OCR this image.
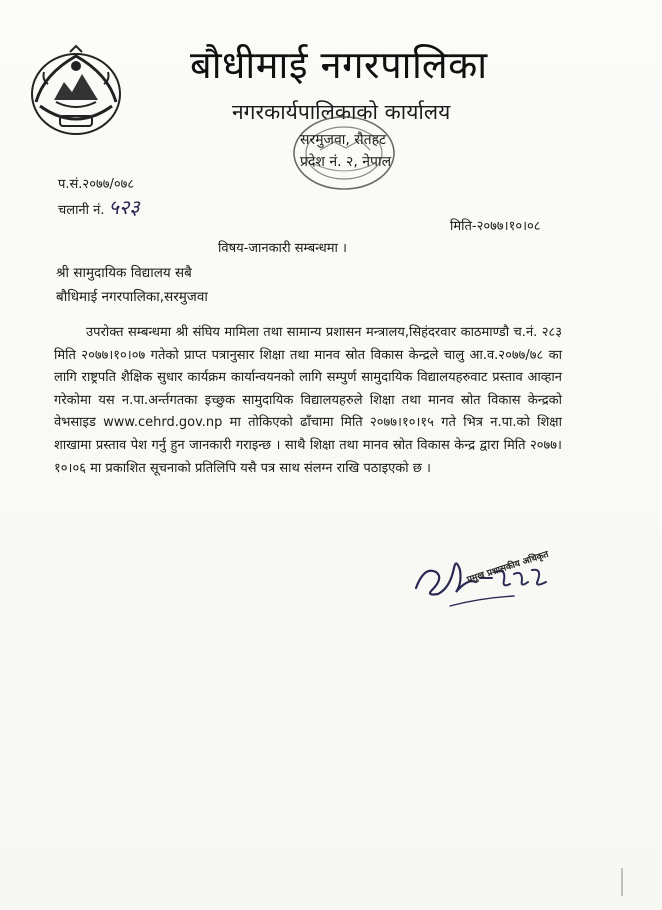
बौधीमाई नगरपालिका
नगरकार्यपालिकाको कार्यालय
सरमुजवा, रौतहट
प्रदेश नं. २, नेपाल
प.सं.२०७७/०७८
चलानी नं. ५२३
मिति-२०७७।१०।०८
विषय-जानकारी सम्बन्धमा ।
श्री सामुदायिक विद्यालय सबै
बौधिमाई नगरपालिका,सरमुजवा
उपरोक्त सम्बन्धमा श्री संघिय मामिला तथा सामान्य प्रशासन मन्त्रालय,सिहंदरवार काठमाण्डौ च.नं. २८३ मिति २०७७।१०।०७ गतेको प्राप्त पत्रानुसार शिक्षा तथा मानव स्रोत विकास केन्द्रले चालु आ.व.२०७७/७८ का लागि राष्ट्रपति शैक्षिक सुधार कार्यक्रम कार्यान्वयनको लागि सम्पुर्ण सामुदायिक विद्यालयहरुवाट प्रस्ताव आव्हान गरेकोमा यस न.पा.अर्न्तगतका इच्छुक सामुदायिक विद्यालयहरुले शिक्षा तथा मानव स्रोत विकास केन्द्रको वेभसाइड www.cehrd.gov.np मा तोकिएको ढाँचामा मिति २०७७।१०।१५ गते भित्र न.पा.को शिक्षा शाखामा प्रस्ताव पेश गर्नु हुन जानकारी गराइन्छ । साथै शिक्षा तथा मानव स्रोत विकास केन्द्र द्वारा मिति २०७७।१०।०६ मा प्रकाशित सूचनाको प्रतिलिपि यसै पत्र साथ संलग्न राखि पठाइएको छ ।
प्रमुख प्रशासकीय अधिकृत
